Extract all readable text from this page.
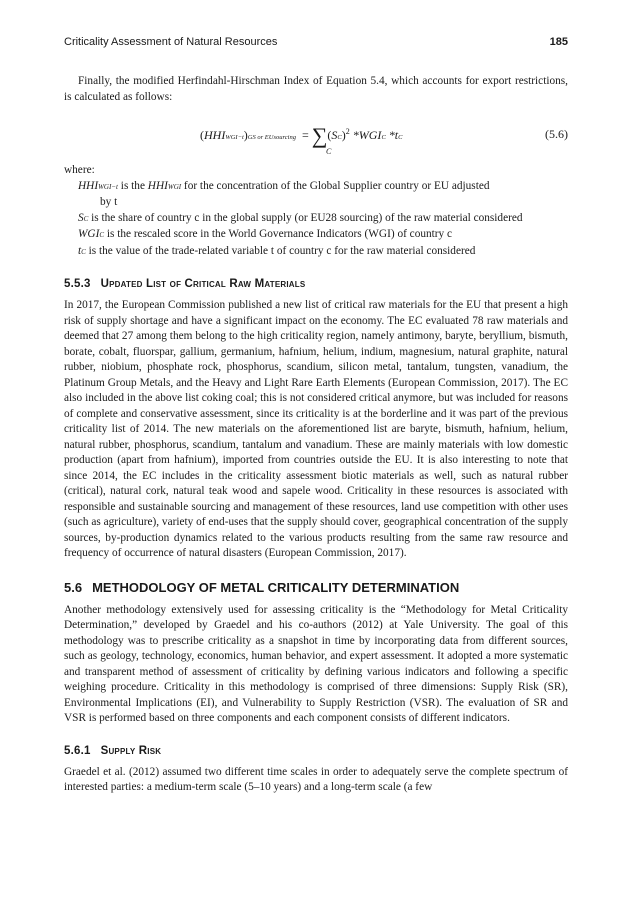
Criticality Assessment of Natural Resources	185

Finally, the modified Herfindahl-Hirschman Index of Equation 5.4, which accounts for export restrictions, is calculated as follows:

(HHIWGI−t)GS or EUsourcing  = ∑(SC)$^2$ *WGIC *tC
C
(5.6)

where:

HHIWGI−t is the HHIWGI for the concentration of the Global Supplier country or EU adjusted
by t

SC is the share of country c in the global supply (or EU28 sourcing) of the raw material considered

WGIC is the rescaled score in the World Governance Indicators (WGI) of country c

tC is the value of the trade-related variable t of country c for the raw material considered

5.5.3 Updated List of Critical Raw Materials

In 2017, the European Commission published a new list of critical raw materials for the EU that present a high risk of supply shortage and have a significant impact on the economy. The EC evaluated 78 raw materials and deemed that 27 among them belong to the high criticality region, namely antimony, baryte, beryllium, bismuth, borate, cobalt, fluorspar, gallium, germanium, hafnium, helium, indium, magnesium, natural graphite, natural rubber, niobium, phosphate rock, phosphorus, scandium, silicon metal, tantalum, tungsten, vanadium, the Platinum Group Metals, and the Heavy and Light Rare Earth Elements (European Commission, 2017). The EC also included in the above list coking coal; this is not considered critical anymore, but was included for reasons of complete and conservative assessment, since its criticality is at the borderline and it was part of the previous criticality list of 2014. The new materials on the aforementioned list are baryte, bismuth, hafnium, helium, natural rubber, phosphorus, scandium, tantalum and vanadium. These are mainly materials with low domestic production (apart from hafnium), imported from countries outside the EU. It is also interesting to note that since 2014, the EC includes in the criticality assessment biotic materials as well, such as natural rubber (critical), natural cork, natural teak wood and sapele wood. Criticality in these resources is associated with responsible and sustainable sourcing and management of these resources, land use competition with other uses (such as agriculture), variety of end-uses that the supply should cover, geographical concentration of the supply sources, by-production dynamics related to the various products resulting from the same raw resource and frequency of occurrence of natural disasters (European Commission, 2017).

5.6 METHODOLOGY OF METAL CRITICALITY DETERMINATION

Another methodology extensively used for assessing criticality is the “Methodology for Metal Criticality Determination,” developed by Graedel and his co-authors (2012) at Yale University. The goal of this methodology was to prescribe criticality as a snapshot in time by incorporating data from different sources, such as geology, technology, economics, human behavior, and expert assessment. It adopted a more systematic and transparent method of assessment of criticality by defining various indicators and following a specific weighing procedure. Criticality in this methodology is comprised of three dimensions: Supply Risk (SR), Environmental Implications (EI), and Vulnerability to Supply Restriction (VSR). The evaluation of SR and VSR is performed based on three components and each component consists of different indicators.

5.6.1 Supply Risk

Graedel et al. (2012) assumed two different time scales in order to adequately serve the complete spectrum of interested parties: a medium-term scale (5–10 years) and a long-term scale (a few
